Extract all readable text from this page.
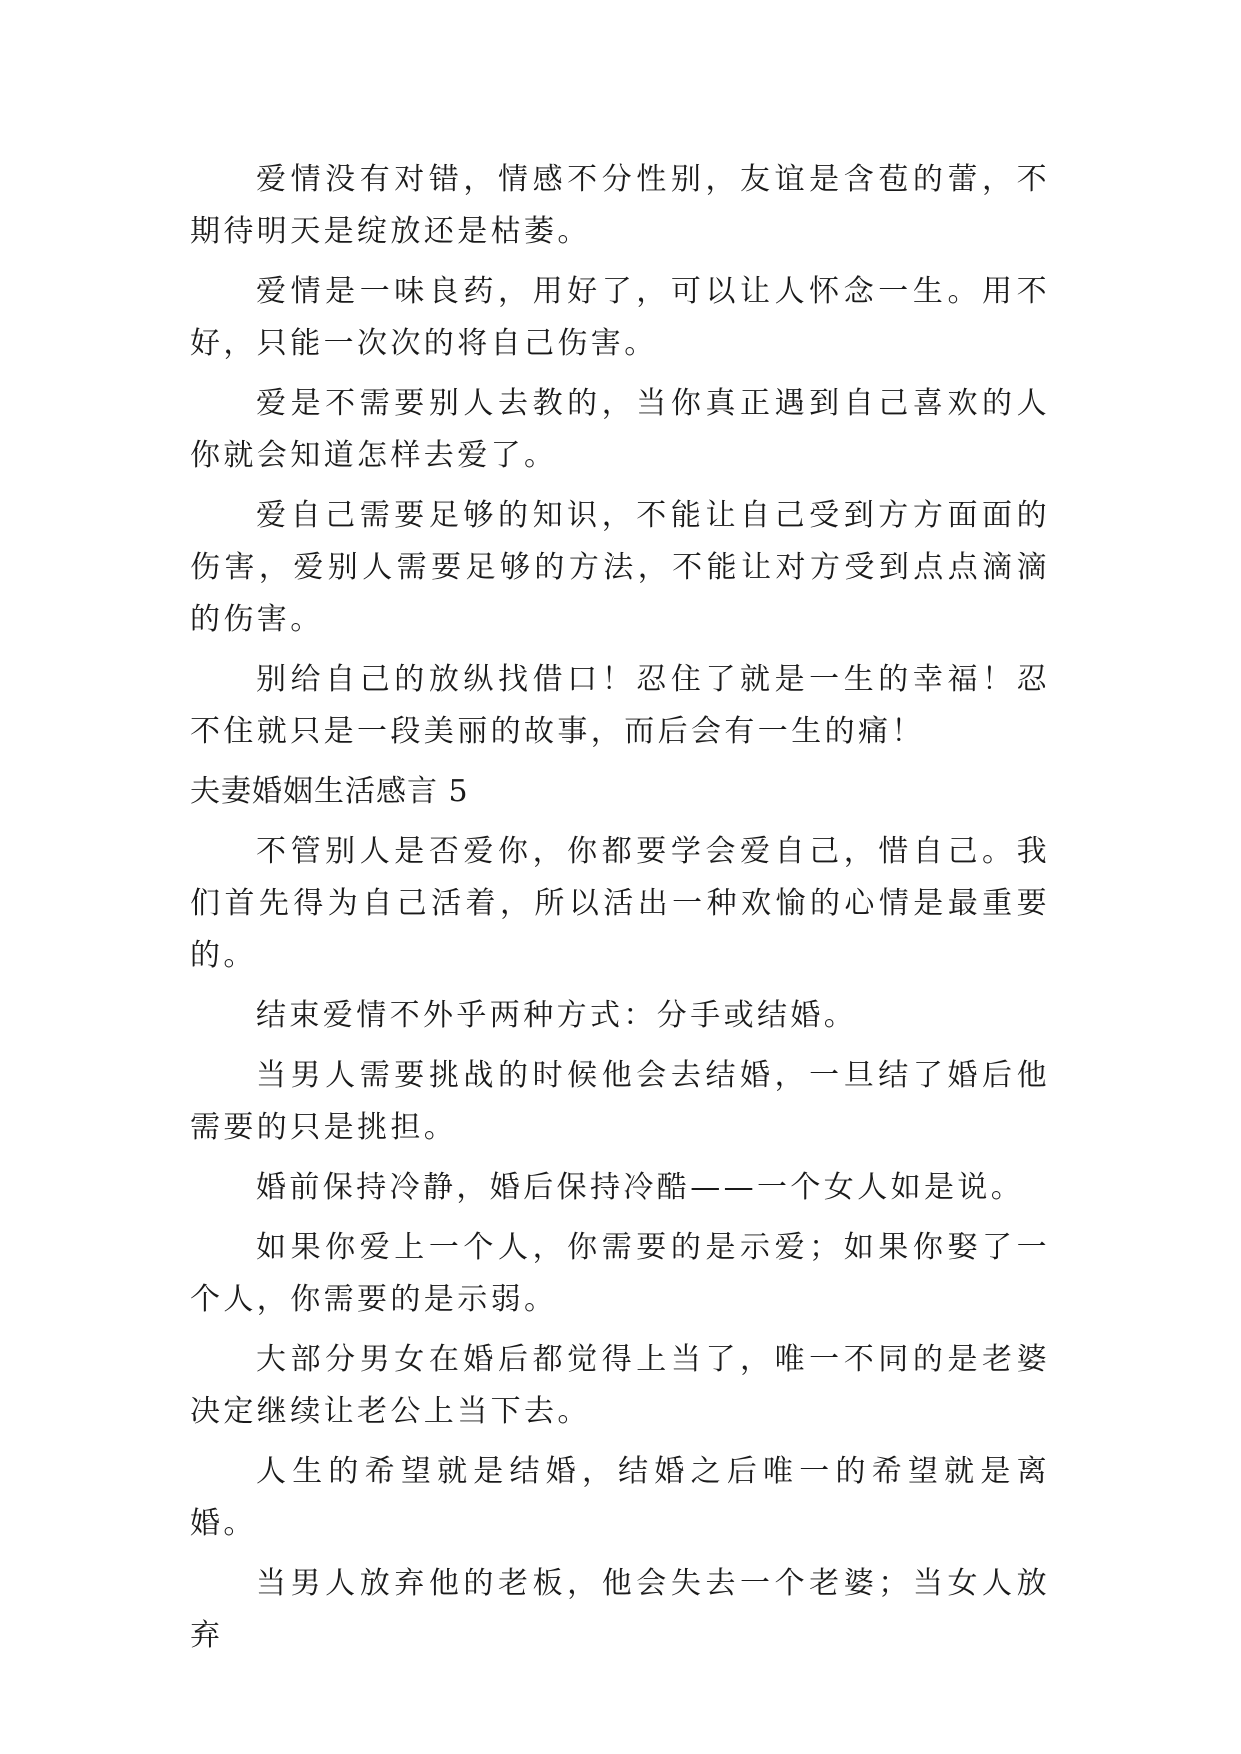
爱情没有对错，情感不分性别，友谊是含苞的蕾，不期待明天是绽放还是枯萎。

爱情是一味良药，用好了，可以让人怀念一生。用不好，只能一次次的将自己伤害。

爱是不需要别人去教的，当你真正遇到自己喜欢的人你就会知道怎样去爱了。

爱自己需要足够的知识，不能让自己受到方方面面的伤害，爱别人需要足够的方法，不能让对方受到点点滴滴的伤害。

别给自己的放纵找借口！忍住了就是一生的幸福！忍不住就只是一段美丽的故事，而后会有一生的痛！

夫妻婚姻生活感言 5

不管别人是否爱你，你都要学会爱自己，惜自己。我们首先得为自己活着，所以活出一种欢愉的心情是最重要的。

结束爱情不外乎两种方式：分手或结婚。

当男人需要挑战的时候他会去结婚，一旦结了婚后他需要的只是挑担。

婚前保持冷静，婚后保持冷酷——一个女人如是说。

如果你爱上一个人，你需要的是示爱；如果你娶了一个人，你需要的是示弱。

大部分男女在婚后都觉得上当了，唯一不同的是老婆决定继续让老公上当下去。

人生的希望就是结婚，结婚之后唯一的希望就是离婚。

当男人放弃他的老板，他会失去一个老婆；当女人放弃
